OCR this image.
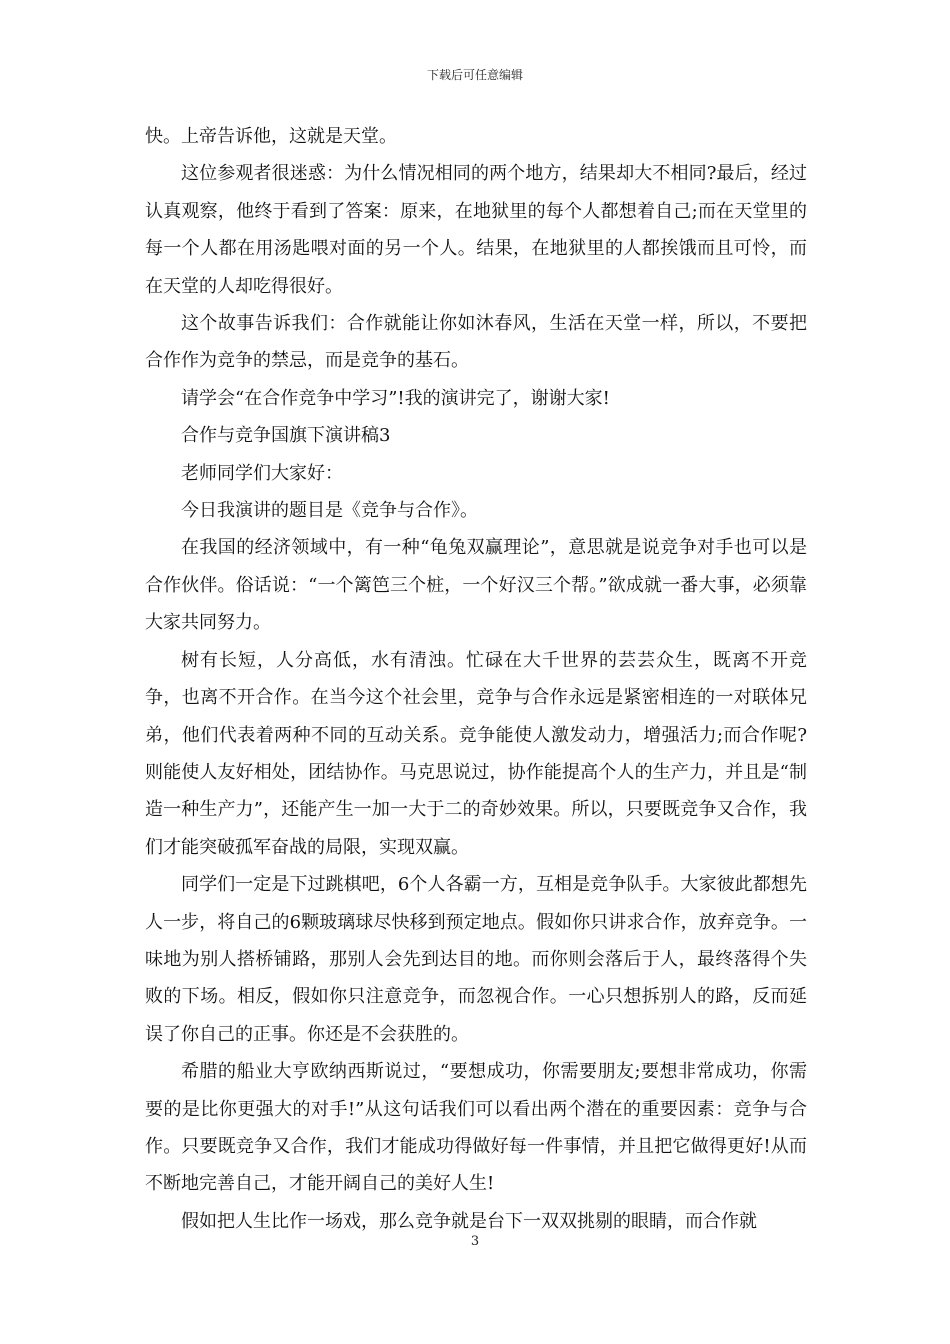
下载后可任意编辑

快。上帝告诉他，这就是天堂。

这位参观者很迷惑：为什么情况相同的两个地方，结果却大不相同?最后，经过认真观察，他终于看到了答案：原来，在地狱里的每个人都想着自己;而在天堂里的每一个人都在用汤匙喂对面的另一个人。结果，在地狱里的人都挨饿而且可怜，而在天堂的人却吃得很好。

这个故事告诉我们：合作就能让你如沐春风，生活在天堂一样，所以，不要把合作作为竞争的禁忌，而是竞争的基石。

请学会“在合作竞争中学习”!我的演讲完了，谢谢大家!

合作与竞争国旗下演讲稿3

老师同学们大家好：

今日我演讲的题目是《竞争与合作》。

在我国的经济领域中，有一种“龟兔双赢理论”，意思就是说竞争对手也可以是合作伙伴。俗话说：“一个篱笆三个桩，一个好汉三个帮。”欲成就一番大事，必须靠大家共同努力。

树有长短，人分高低，水有清浊。忙碌在大千世界的芸芸众生，既离不开竞争，也离不开合作。在当今这个社会里，竞争与合作永远是紧密相连的一对联体兄弟，他们代表着两种不同的互动关系。竞争能使人激发动力，增强活力;而合作呢?则能使人友好相处，团结协作。马克思说过，协作能提高个人的生产力，并且是“制造一种生产力”，还能产生一加一大于二的奇妙效果。所以，只要既竞争又合作，我们才能突破孤军奋战的局限，实现双赢。

同学们一定是下过跳棋吧，6个人各霸一方，互相是竞争队手。大家彼此都想先人一步，将自己的6颗玻璃球尽快移到预定地点。假如你只讲求合作，放弃竞争。一味地为别人搭桥铺路，那别人会先到达目的地。而你则会落后于人，最终落得个失败的下场。相反，假如你只注意竞争，而忽视合作。一心只想拆别人的路，反而延误了你自己的正事。你还是不会获胜的。

希腊的船业大亨欧纳西斯说过，“要想成功，你需要朋友;要想非常成功，你需要的是比你更强大的对手!”从这句话我们可以看出两个潜在的重要因素：竞争与合作。只要既竞争又合作，我们才能成功得做好每一件事情，并且把它做得更好!从而不断地完善自己，才能开阔自己的美好人生!

假如把人生比作一场戏，那么竞争就是台下一双双挑剔的眼睛，而合作就

3
